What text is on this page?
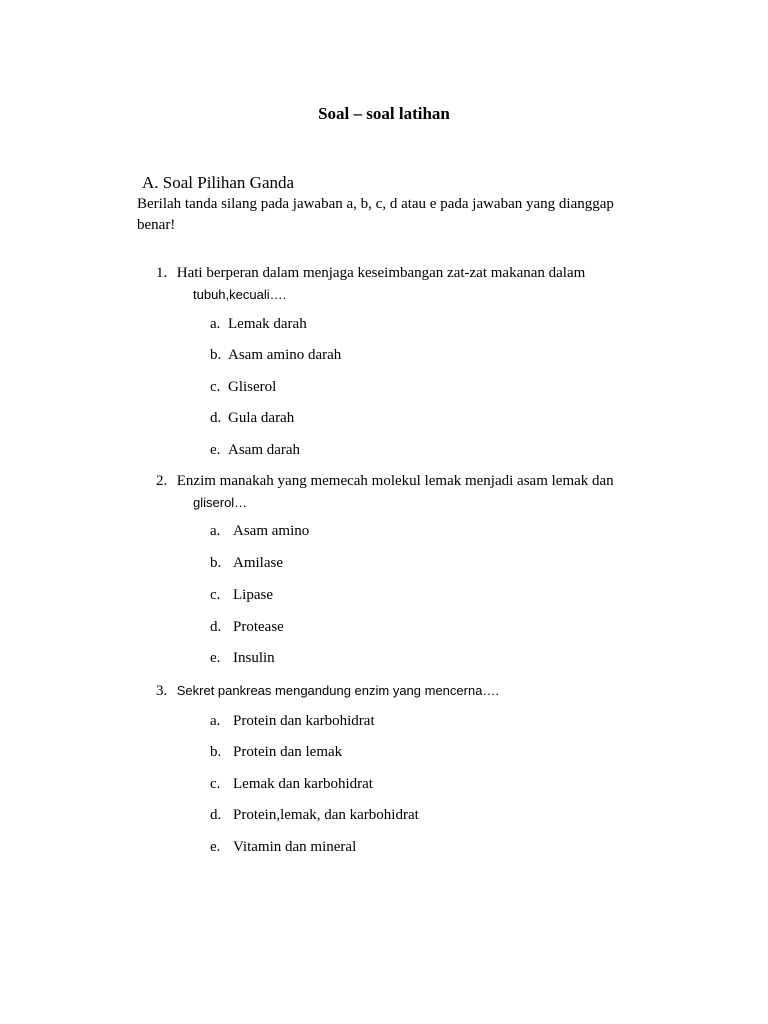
Soal – soal latihan
A. Soal Pilihan Ganda
Berilah tanda silang pada jawaban a, b, c, d atau e pada jawaban yang dianggap benar!
1. Hati berperan dalam menjaga keseimbangan zat-zat makanan dalam
tubuh,kecuali….
a. Lemak darah
b. Asam amino darah
c. Gliserol
d. Gula darah
e. Asam darah
2. Enzim manakah yang memecah molekul lemak menjadi asam lemak dan
gliserol…
a. Asam amino
b. Amilase
c. Lipase
d. Protease
e. Insulin
3. Sekret pankreas mengandung enzim yang mencerna….
a. Protein dan karbohidrat
b. Protein dan lemak
c. Lemak dan karbohidrat
d. Protein,lemak, dan karbohidrat
e. Vitamin dan mineral
